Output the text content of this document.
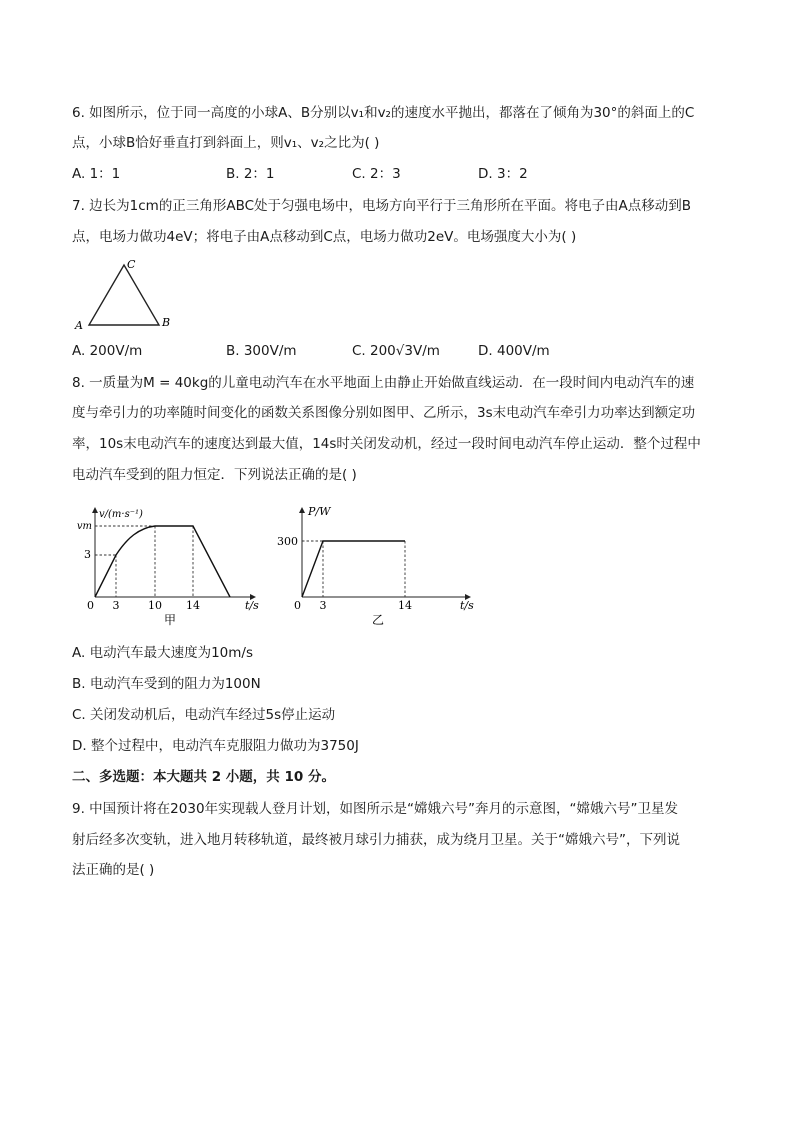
6. 如图所示，位于同一高度的小球A、B分别以v₁和v₂的速度水平抛出，都落在了倾角为30°的斜面上的C
点，小球B恰好垂直打到斜面上，则v₁、v₂之比为( )
A. 1：1	B. 2：1	C. 2：3	D. 3：2
7. 边长为1cm的正三角形ABC处于匀强电场中，电场方向平行于三角形所在平面。将电子由A点移动到B
点，电场力做功4eV；将电子由A点移动到C点，电场力做功2eV。电场强度大小为( )
A	B
C
A. 200V/m	B. 300V/m	C. 200√3V/m	D. 400V/m
8. 一质量为M = 40kg的儿童电动汽车在水平地面上由静止开始做直线运动．在一段时间内电动汽车的速
度与牵引力的功率随时间变化的函数关系图像分别如图甲、乙所示，3s末电动汽车牵引力功率达到额定功
率，10s末电动汽车的速度达到最大值，14s时关闭发动机，经过一段时间电动汽车停止运动．整个过程中
电动汽车受到的阻力恒定．下列说法正确的是( )
3
vm
0 3	10 14	t/s
v/(m·s⁻¹)
甲
300
0 3	14	t/s
P/W
乙
A. 电动汽车最大速度为10m/s
B. 电动汽车受到的阻力为100N
C. 关闭发动机后，电动汽车经过5s停止运动
D. 整个过程中，电动汽车克服阻力做功为3750J
二、多选题：本大题共 2 小题，共 10 分。
9. 中国预计将在2030年实现载人登月计划，如图所示是“嫦娥六号”奔月的示意图，“嫦娥六号”卫星发
射后经多次变轨，进入地月转移轨道，最终被月球引力捕获，成为绕月卫星。关于“嫦娥六号”，下列说
法正确的是( )
